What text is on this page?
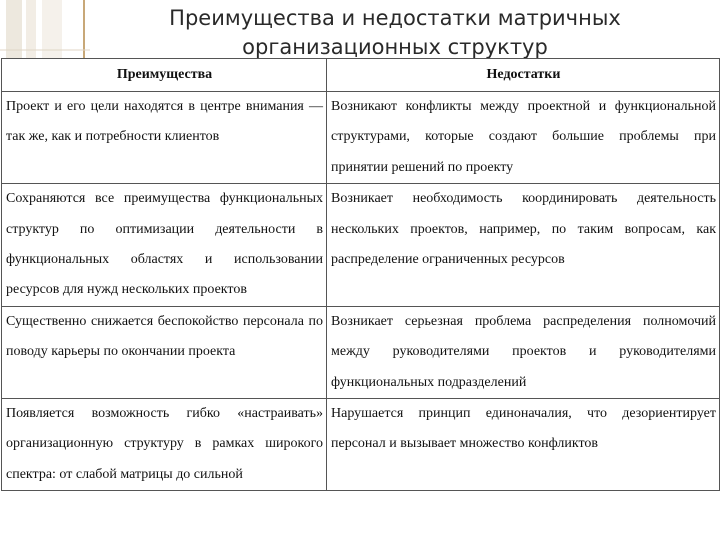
Преимущества и недостатки матричных организационных структур
Преимущества	Недостатки
Проект и его цели находятся в центре внимания — так же, как и потребности клиентов	Возникают конфликты между проектной и функциональной структурами, которые создают большие проблемы при принятии решений по проекту
Сохраняются все преимущества функциональных структур по оптимизации деятельности в функциональных областях и использовании ресурсов для нужд нескольких проектов	Возникает необходимость координировать деятельность нескольких проектов, например, по таким вопросам, как распределение ограниченных ресурсов
Существенно снижается беспокойство персонала по поводу карьеры по окончании проекта	Возникает серьезная проблема распределения полномочий между руководителями проектов и руководителями функциональных подразделений
Появляется возможность гибко «настраивать» организационную структуру в рамках широкого спектра: от слабой матрицы до сильной	Нарушается принцип единоначалия, что дезориентирует персонал и вызывает множество конфликтов
